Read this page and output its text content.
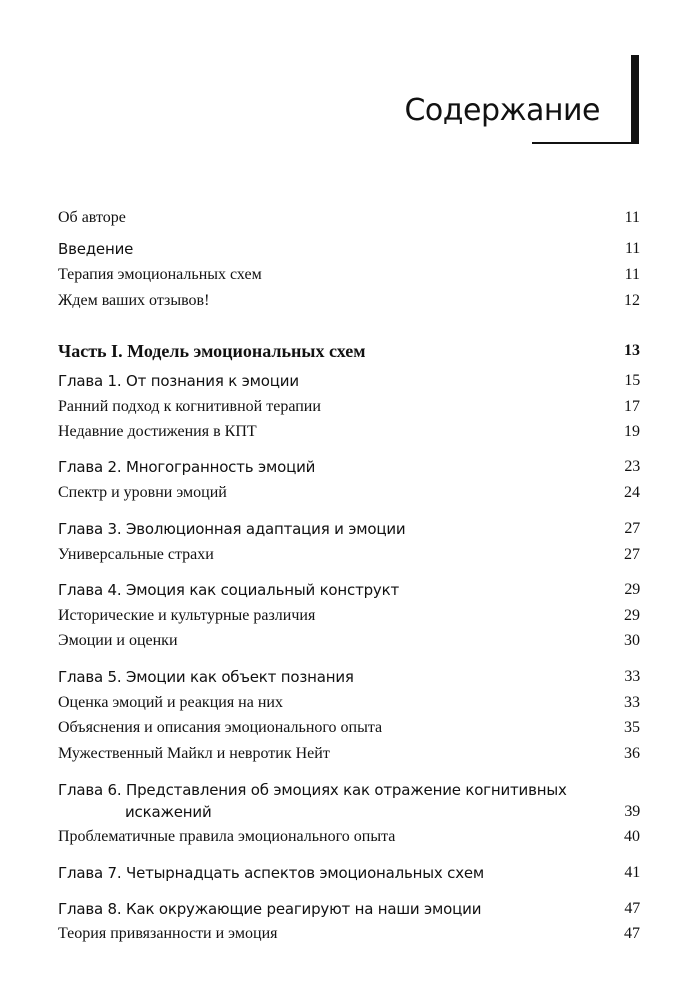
Содержание
Об авторе	11
Введение	11
Терапия эмоциональных схем	11
Ждем ваших отзывов!	12
Часть I. Модель эмоциональных схем	13
Глава 1. От познания к эмоции	15
Ранний подход к когнитивной терапии	17
Недавние достижения в КПТ	19
Глава 2. Многогранность эмоций	23
Спектр и уровни эмоций	24
Глава 3. Эволюционная адаптация и эмоции	27
Универсальные страхи	27
Глава 4. Эмоция как социальный конструкт	29
Исторические и культурные различия	29
Эмоции и оценки	30
Глава 5. Эмоции как объект познания	33
Оценка эмоций и реакция на них	33
Объяснения и описания эмоционального опыта	35
Мужественный Майкл и невротик Нейт	36
Глава 6. Представления об эмоциях как отражение когнитивных
искажений	39
Проблематичные правила эмоционального опыта	40
Глава 7. Четырнадцать аспектов эмоциональных схем	41
Глава 8. Как окружающие реагируют на наши эмоции	47
Теория привязанности и эмоция	47
